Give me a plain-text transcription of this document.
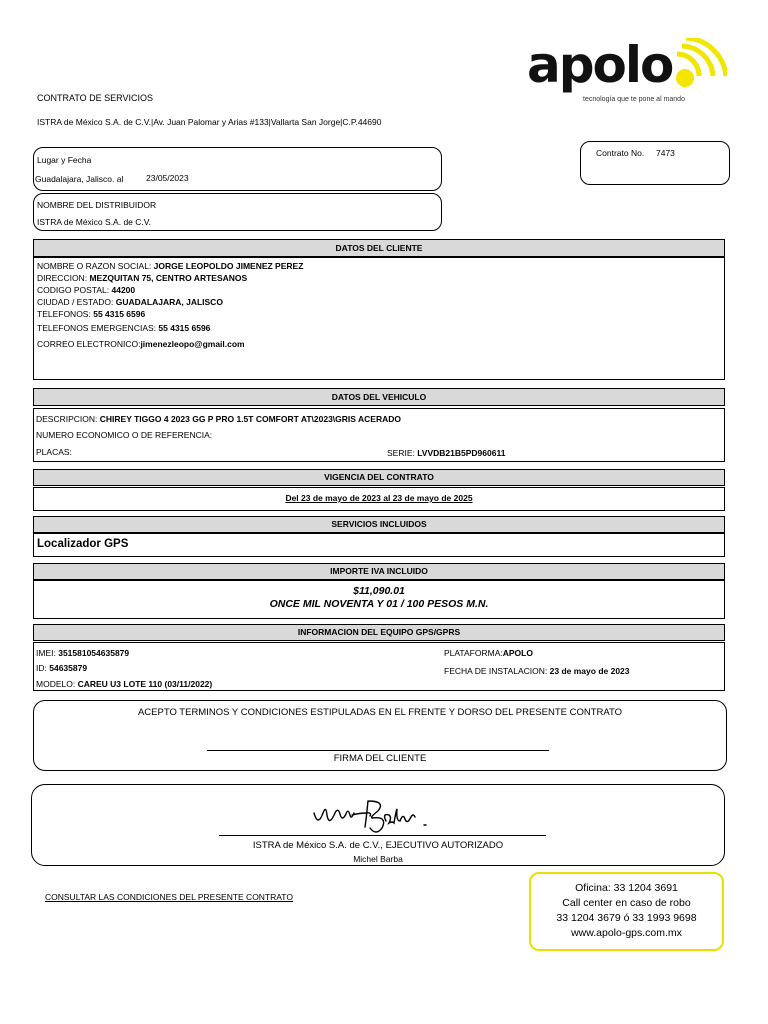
apolo
tecnología que te pone al mando
CONTRATO DE SERVICIOS
ISTRA de México S.A. de C.V.|Av. Juan Palomar y Arias #133|Vallarta San Jorge|C.P.44690
Lugar y Fecha
Guadalajara, Jalisco. al	23/05/2023
Contrato No. 7473
NOMBRE DEL DISTRIBUIDOR
ISTRA de México S.A. de C.V.
DATOS DEL CLIENTE
NOMBRE O RAZON SOCIAL: JORGE LEOPOLDO JIMENEZ PEREZ
DIRECCION: MEZQUITAN 75, CENTRO ARTESANOS
CODIGO POSTAL: 44200
CIUDAD / ESTADO: GUADALAJARA, JALISCO
TELEFONOS: 55 4315 6596
TELEFONOS EMERGENCIAS: 55 4315 6596
CORREO ELECTRONICO:jimenezleopo@gmail.com
DATOS DEL VEHICULO
DESCRIPCION: CHIREY TIGGO 4 2023 GG P PRO 1.5T COMFORT AT\2023\GRIS ACERADO
NUMERO ECONOMICO O DE REFERENCIA:
PLACAS:	SERIE: LVVDB21B5PD960611
VIGENCIA DEL CONTRATO
Del 23 de mayo de 2023 al 23 de mayo de 2025
SERVICIOS INCLUIDOS
Localizador GPS
IMPORTE IVA INCLUIDO
$11,090.01
ONCE MIL NOVENTA Y 01 / 100 PESOS M.N.
INFORMACION DEL EQUIPO GPS/GPRS
IMEI: 351581054635879
ID: 54635879
MODELO: CAREU U3 LOTE 110 (03/11/2022)
PLATAFORMA:APOLO
FECHA DE INSTALACION: 23 de mayo de 2023
ACEPTO TERMINOS Y CONDICIONES ESTIPULADAS EN EL FRENTE Y DORSO DEL PRESENTE CONTRATO
FIRMA DEL CLIENTE
ISTRA de México S.A. de C.V., EJECUTIVO AUTORIZADO
Michel Barba
CONSULTAR LAS CONDICIONES DEL PRESENTE CONTRATO
Oficina: 33 1204 3691
Call center en caso de robo
33 1204 3679 ó 33 1993 9698
www.apolo-gps.com.mx
